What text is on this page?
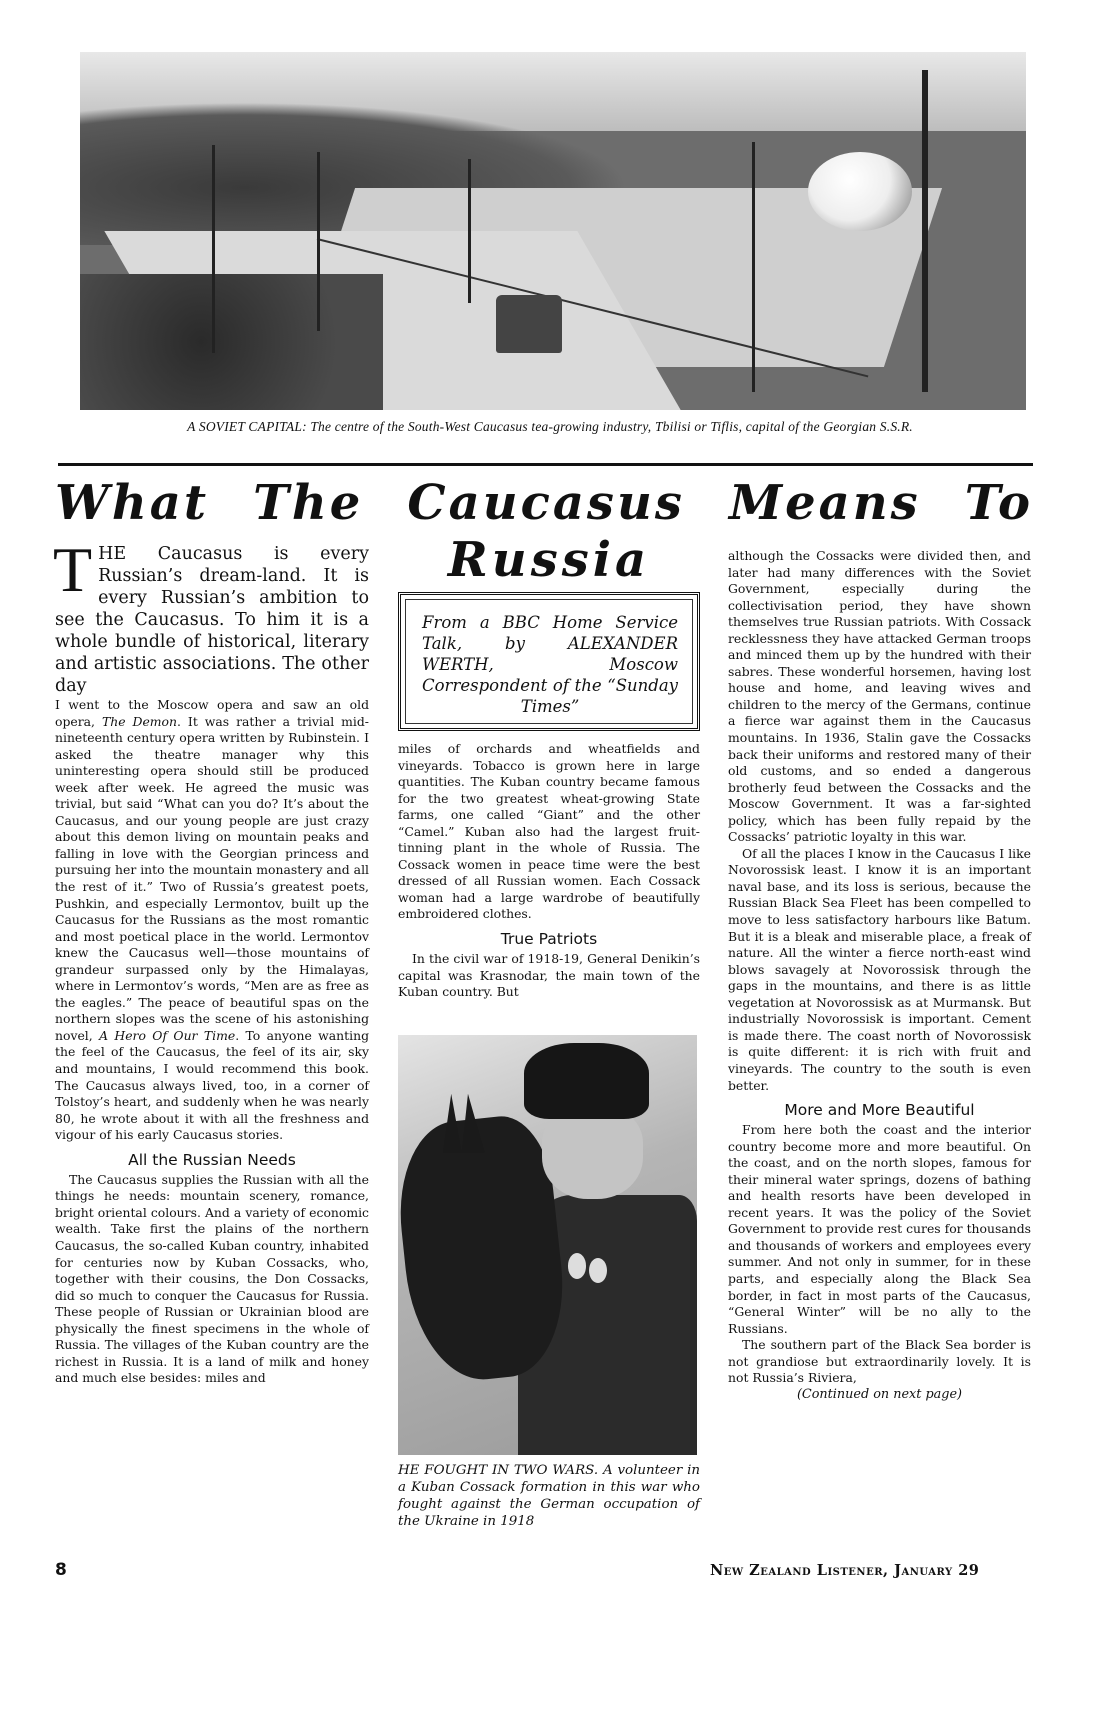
A SOVIET CAPITAL: The centre of the South-West Caucasus tea-growing industry, Tbilisi or Tiflis, capital of the Georgian S.S.R.
What The Caucasus Means To
Russia

THE Caucasus is every Russian’s dream-land. It is every Russian’s ambition to see the Caucasus. To him it is a whole bundle of historical, literary and artistic associations. The other day

I went to the Moscow opera and saw an old opera, The Demon. It was rather a trivial mid-nineteenth century opera written by Rubinstein. I asked the theatre manager why this uninteresting opera should still be produced week after week. He agreed the music was trivial, but said “What can you do? It’s about the Caucasus, and our young people are just crazy about this demon living on mountain peaks and falling in love with the Georgian princess and pursuing her into the mountain monastery and all the rest of it.” Two of Russia’s greatest poets, Pushkin, and especially Lermontov, built up the Caucasus for the Russians as the most romantic and most poetical place in the world. Lermontov knew the Caucasus well—those mountains of grandeur surpassed only by the Himalayas, where in Lermontov’s words, “Men are as free as the eagles.” The peace of beautiful spas on the northern slopes was the scene of his astonishing novel, A Hero Of Our Time. To anyone wanting the feel of the Caucasus, the feel of its air, sky and mountains, I would recommend this book. The Caucasus always lived, too, in a corner of Tolstoy’s heart, and suddenly when he was nearly 80, he wrote about it with all the freshness and vigour of his early Caucasus stories.

All the Russian Needs

The Caucasus supplies the Russian with all the things he needs: mountain scenery, romance, bright oriental colours. And a variety of economic wealth. Take first the plains of the northern Caucasus, the so-called Kuban country, inhabited for centuries now by Kuban Cossacks, who, together with their cousins, the Don Cossacks, did so much to conquer the Caucasus for Russia. These people of Russian or Ukrainian blood are physically the finest specimens in the whole of Russia. The villages of the Kuban country are the richest in Russia. It is a land of milk and honey and much else besides: miles and

From a BBC Home Service Talk, by ALEXANDER WERTH, Moscow Correspondent of the “Sunday Times”

miles of orchards and wheatfields and vineyards. Tobacco is grown here in large quantities. The Kuban country became famous for the two greatest wheat-growing State farms, one called “Giant” and the other “Camel.” Kuban also had the largest fruit-tinning plant in the whole of Russia. The Cossack women in peace time were the best dressed of all Russian women. Each Cossack woman had a large wardrobe of beautifully embroidered clothes.

True Patriots

In the civil war of 1918-19, General Denikin’s capital was Krasnodar, the main town of the Kuban country. But

HE FOUGHT IN TWO WARS. A volunteer in a Kuban Cossack formation in this war who fought against the German occupation of the Ukraine in 1918

although the Cossacks were divided then, and later had many differences with the Soviet Government, especially during the collectivisation period, they have shown themselves true Russian patriots. With Cossack recklessness they have attacked German troops and minced them up by the hundred with their sabres. These wonderful horsemen, having lost house and home, and leaving wives and children to the mercy of the Germans, continue a fierce war against them in the Caucasus mountains. In 1936, Stalin gave the Cossacks back their uniforms and restored many of their old customs, and so ended a dangerous brotherly feud between the Cossacks and the Moscow Government. It was a far-sighted policy, which has been fully repaid by the Cossacks’ patriotic loyalty in this war.

Of all the places I know in the Caucasus I like Novorossisk least. I know it is an important naval base, and its loss is serious, because the Russian Black Sea Fleet has been compelled to move to less satisfactory harbours like Batum. But it is a bleak and miserable place, a freak of nature. All the winter a fierce north-east wind blows savagely at Novorossisk through the gaps in the mountains, and there is as little vegetation at Novorossisk as at Murmansk. But industrially Novorossisk is important. Cement is made there. The coast north of Novorossisk is quite different: it is rich with fruit and vineyards. The country to the south is even better.

More and More Beautiful

From here both the coast and the interior country become more and more beautiful. On the coast, and on the north slopes, famous for their mineral water springs, dozens of bathing and health resorts have been developed in recent years. It was the policy of the Soviet Government to provide rest cures for thousands and thousands of workers and employees every summer. And not only in summer, for in these parts, and especially along the Black Sea border, in fact in most parts of the Caucasus, “General Winter” will be no ally to the Russians.

The southern part of the Black Sea border is not grandiose but extraordinarily lovely. It is not Russia’s Riviera,

(Continued on next page)

8	New Zealand Listener, January 29
